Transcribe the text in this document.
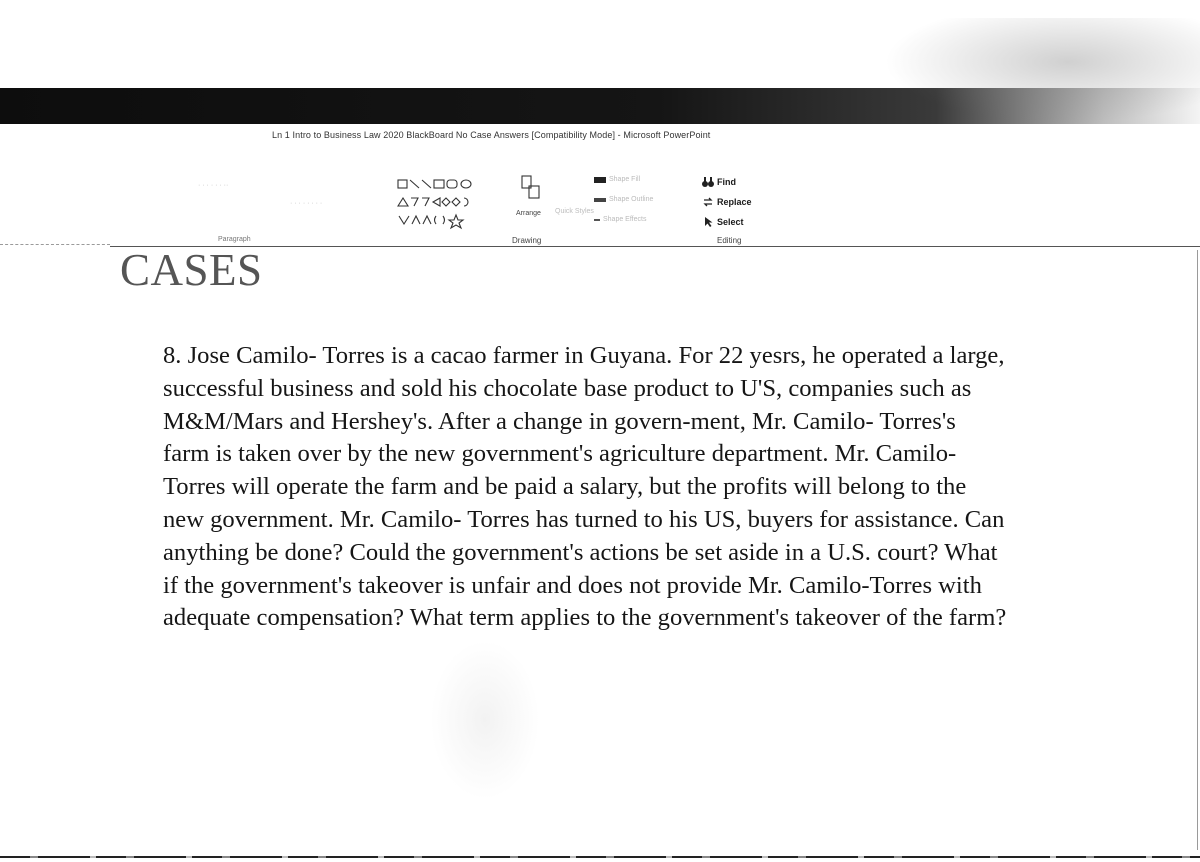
Ln 1 Intro to Business Law 2020 BlackBoard No Case Answers [Compatibility Mode] - Microsoft PowerPoint
· · · · · · ··
· · · · · · · ·
Paragraph
Arrange Quick Styles
Shape Fill
Shape Outline
Shape Effects
Drawing
Find
Replace
Select
Editing
CASES
8. Jose Camilo- Torres is a cacao farmer in Guyana. For 22 yesrs, he operated a large,
successful business and sold his chocolate base product to U'S, companies such as
M&M/Mars and Hershey's. After a change in govern-ment, Mr. Camilo- Torres's
farm is taken over by the new government's agriculture department. Mr. Camilo-
Torres will operate the farm and be paid a salary, but the profits will belong to the
new government. Mr. Camilo- Torres has turned to his US, buyers for assistance. Can
anything be done? Could the government's actions be set aside in a U.S. court? What
if the government's takeover is unfair and does not provide Mr. Camilo-Torres with
adequate compensation? What term applies to the government's takeover of the farm?
